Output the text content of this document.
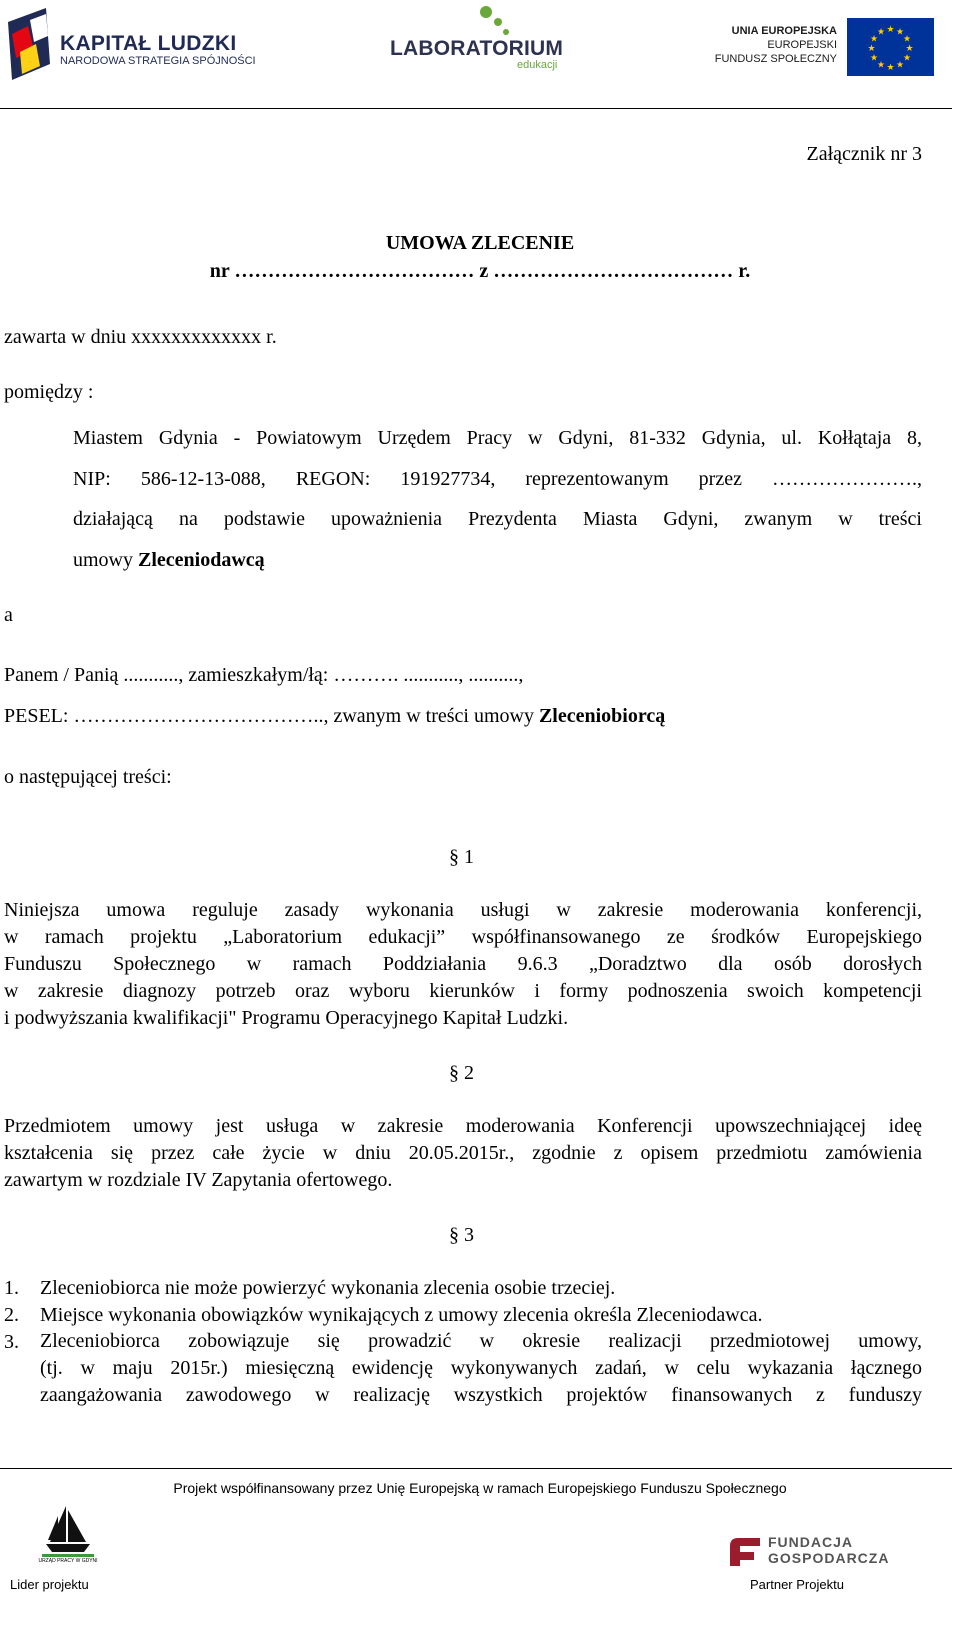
KAPITAŁ LUDZKI
NARODOWA STRATEGIA SPÓJNOŚCI
LABORATORIUM
edukacji
UNIA EUROPEJSKA
EUROPEJSKI
FUNDUSZ SPOŁECZNY
★ ★
★
★
★
★
★
★
★
★
★
★
Załącznik nr 3
UMOWA ZLECENIE
nr ……………………………… z ……………………………… r.
zawarta w dniu xxxxxxxxxxxxx r.
pomiędzy :
Miastem Gdynia - Powiatowym Urzędem Pracy w Gdyni, 81-332 Gdynia, ul. Kołłątaja 8,
NIP: 586-12-13-088, REGON: 191927734, reprezentowanym przez ………………….,
działającą na podstawie upoważnienia Prezydenta Miasta Gdyni, zwanym w treści
umowy Zleceniodawcą
a
Panem / Panią ..........., zamieszkałym/łą: ………. ..........., ..........,
PESEL: ……………………………….., zwanym w treści umowy Zleceniobiorcą
o następującej treści:
§ 1
Niniejsza umowa reguluje zasady wykonania usługi w zakresie moderowania konferencji,
w ramach projektu „Laboratorium edukacji” współfinansowanego ze środków Europejskiego
Funduszu Społecznego w ramach Poddziałania 9.6.3 „Doradztwo dla osób dorosłych
w zakresie diagnozy potrzeb oraz wyboru kierunków i formy podnoszenia swoich kompetencji
i podwyższania kwalifikacji" Programu Operacyjnego Kapitał Ludzki.
§ 2
Przedmiotem umowy jest usługa w zakresie moderowania Konferencji upowszechniającej ideę
kształcenia się przez całe życie w dniu 20.05.2015r., zgodnie z opisem przedmiotu zamówienia
zawartym w rozdziale IV Zapytania ofertowego.
§ 3
1. Zleceniobiorca nie może powierzyć wykonania zlecenia osobie trzeciej.
2. Miejsce wykonania obowiązków wynikających z umowy zlecenia określa Zleceniodawca.
3. Zleceniobiorca zobowiązuje się prowadzić w okresie realizacji przedmiotowej umowy,
(tj. w maju 2015r.) miesięczną ewidencję wykonywanych zadań, w celu wykazania łącznego
zaangażowania zawodowego w realizację wszystkich projektów finansowanych z funduszy
Projekt współfinansowany przez Unię Europejską w ramach Europejskiego Funduszu Społecznego
URZĄD PRACY W GDYNI
Lider projektu
FUNDACJA
GOSPODARCZA
Partner Projektu
